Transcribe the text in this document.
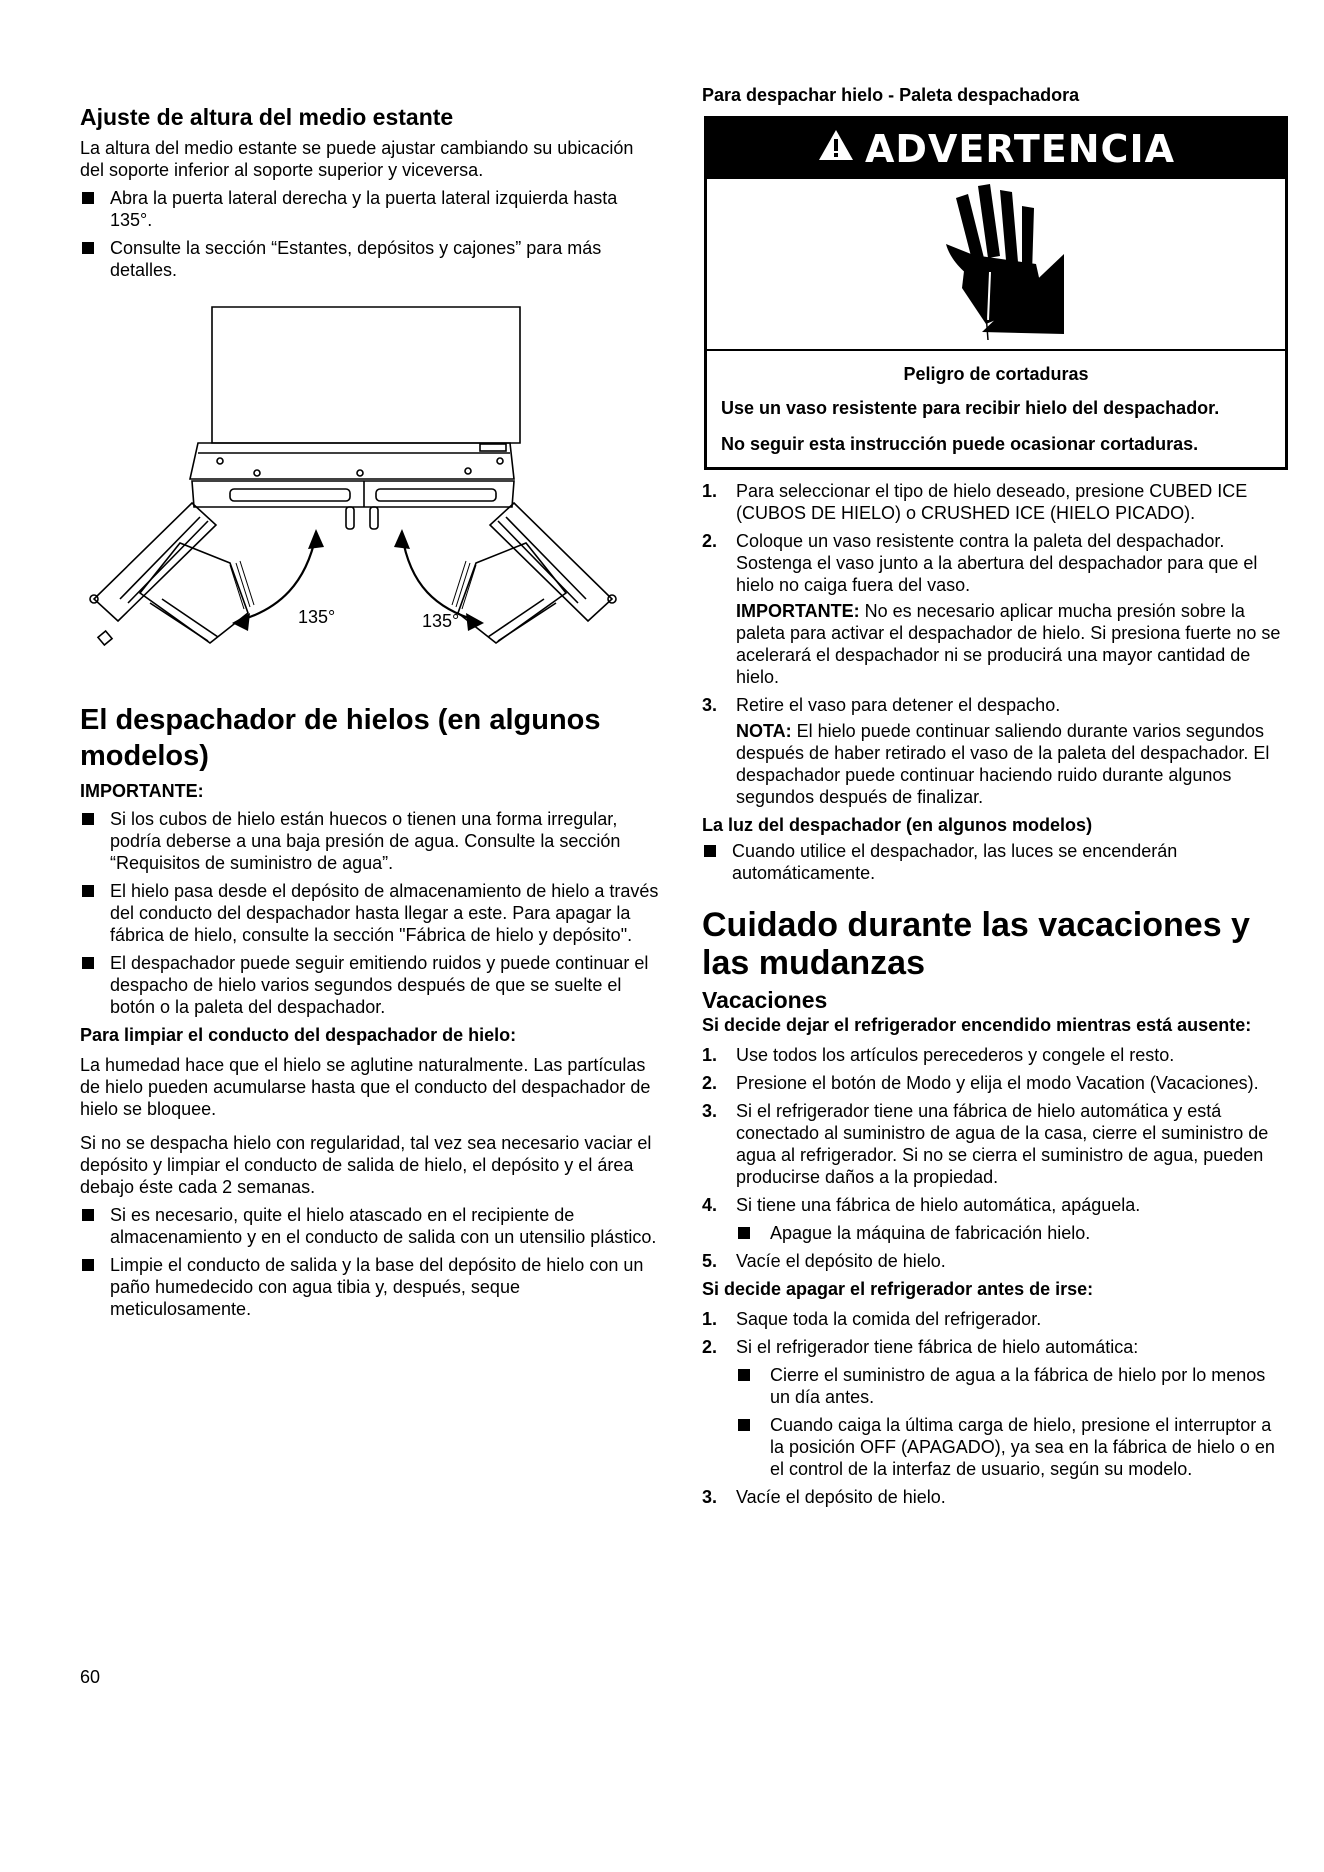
Ajuste de altura del medio estante

La altura del medio estante se puede ajustar cambiando su ubicación del soporte inferior al soporte superior y viceversa.

Abra la puerta lateral derecha y la puerta lateral izquierda hasta 135°.
Consulte la sección “Estantes, depósitos y cajones” para más detalles.
135°	135°
El despachador de hielos (en algunos modelos)

IMPORTANTE:

Si los cubos de hielo están huecos o tienen una forma irregular, podría deberse a una baja presión de agua. Consulte la sección “Requisitos de suministro de agua”.
El hielo pasa desde el depósito de almacenamiento de hielo a través del conducto del despachador hasta llegar a este. Para apagar la fábrica de hielo, consulte la sección "Fábrica de hielo y depósito".
El despachador puede seguir emitiendo ruidos y puede continuar el despacho de hielo varios segundos después de que se suelte el botón o la paleta del despachador.

Para limpiar el conducto del despachador de hielo:

La humedad hace que el hielo se aglutine naturalmente. Las partículas de hielo pueden acumularse hasta que el conducto del despachador de hielo se bloquee.

Si no se despacha hielo con regularidad, tal vez sea necesario vaciar el depósito y limpiar el conducto de salida de hielo, el depósito y el área debajo éste cada 2 semanas.

Si es necesario, quite el hielo atascado en el recipiente de almacenamiento y en el conducto de salida con un utensilio plástico.
Limpie el conducto de salida y la base del depósito de hielo con un paño humedecido con agua tibia y, después, seque meticulosamente.

Para despachar hielo - Paleta despachadora

ADVERTENCIA
Peligro de cortaduras

Use un vaso resistente para recibir hielo del despachador.

No seguir esta instrucción puede ocasionar cortaduras.

1. Para seleccionar el tipo de hielo deseado, presione CUBED ICE (CUBOS DE HIELO) o CRUSHED ICE (HIELO PICADO).
2. Coloque un vaso resistente contra la paleta del despachador. Sostenga el vaso junto a la abertura del despachador para que el hielo no caiga fuera del vaso.
IMPORTANTE: No es necesario aplicar mucha presión sobre la paleta para activar el despachador de hielo. Si presiona fuerte no se acelerará el despachador ni se producirá una mayor cantidad de hielo.
3. Retire el vaso para detener el despacho.
NOTA: El hielo puede continuar saliendo durante varios segundos después de haber retirado el vaso de la paleta del despachador. El despachador puede continuar haciendo ruido durante algunos segundos después de finalizar.

La luz del despachador (en algunos modelos)

Cuando utilice el despachador, las luces se encenderán automáticamente.
Cuidado durante las vacaciones y las mudanzas
Vacaciones

Si decide dejar el refrigerador encendido mientras está ausente:

1. Use todos los artículos perecederos y congele el resto.
2. Presione el botón de Modo y elija el modo Vacation (Vacaciones).
3. Si el refrigerador tiene una fábrica de hielo automática y está conectado al suministro de agua de la casa, cierre el suministro de agua al refrigerador. Si no se cierra el suministro de agua, pueden producirse daños a la propiedad.
4. Si tiene una fábrica de hielo automática, apáguela.
Apague la máquina de fabricación hielo.
5. Vacíe el depósito de hielo.

Si decide apagar el refrigerador antes de irse:

1. Saque toda la comida del refrigerador.
2. Si el refrigerador tiene fábrica de hielo automática:
Cierre el suministro de agua a la fábrica de hielo por lo menos un día antes.
Cuando caiga la última carga de hielo, presione el interruptor a la posición OFF (APAGADO), ya sea en la fábrica de hielo o en el control de la interfaz de usuario, según su modelo.
3. Vacíe el depósito de hielo.
60
